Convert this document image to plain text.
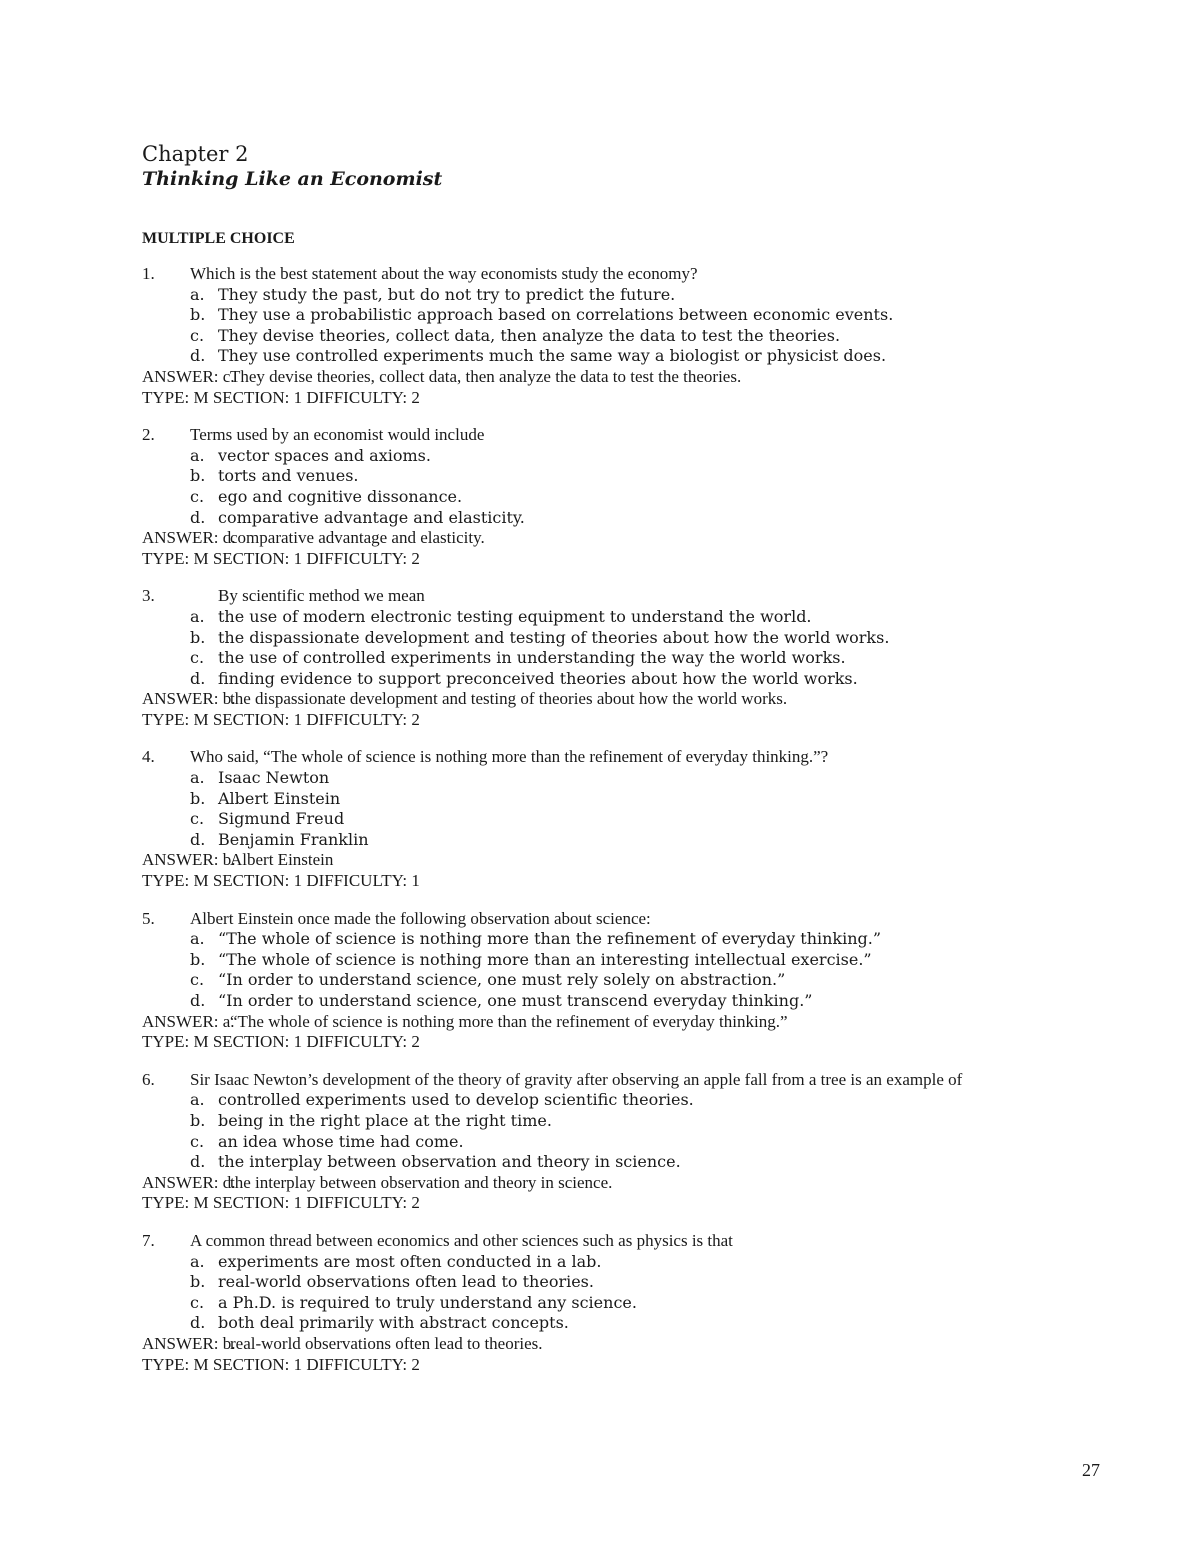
Chapter 2
Thinking Like an Economist
MULTIPLE CHOICE
1.	Which is the best statement about the way economists study the economy?
a. They study the past, but do not try to predict the future.
b. They use a probabilistic approach based on correlations between economic events.
c. They devise theories, collect data, then analyze the data to test the theories.
d. They use controlled experiments much the same way a biologist or physicist does.
ANSWER: c.
They devise theories, collect data, then analyze the data to test the theories.
TYPE: M SECTION: 1 DIFFICULTY: 2
2.	Terms used by an economist would include
a. vector spaces and axioms.
b. torts and venues.
c. ego and cognitive dissonance.
d. comparative advantage and elasticity.
ANSWER: d.
comparative advantage and elasticity.
TYPE: M SECTION: 1 DIFFICULTY: 2
3.	By scientific method we mean
a. the use of modern electronic testing equipment to understand the world.
b. the dispassionate development and testing of theories about how the world works.
c. the use of controlled experiments in understanding the way the world works.
d. finding evidence to support preconceived theories about how the world works.
ANSWER: b.
the dispassionate development and testing of theories about how the world works.
TYPE: M SECTION: 1 DIFFICULTY: 2
4.	Who said, “The whole of science is nothing more than the refinement of everyday thinking.”?
a. Isaac Newton
b. Albert Einstein
c. Sigmund Freud
d. Benjamin Franklin
ANSWER: b.
Albert Einstein
TYPE: M SECTION: 1 DIFFICULTY: 1
5.	Albert Einstein once made the following observation about science:
a. “The whole of science is nothing more than the refinement of everyday thinking.”
b. “The whole of science is nothing more than an interesting intellectual exercise.”
c. “In order to understand science, one must rely solely on abstraction.”
d. “In order to understand science, one must transcend everyday thinking.”
ANSWER: a.
“The whole of science is nothing more than the refinement of everyday thinking.”
TYPE: M SECTION: 1 DIFFICULTY: 2
6.	Sir Isaac Newton’s development of the theory of gravity after observing an apple fall from a tree is an example of
a. controlled experiments used to develop scientific theories.
b. being in the right place at the right time.
c. an idea whose time had come.
d. the interplay between observation and theory in science.
ANSWER: d.
the interplay between observation and theory in science.
TYPE: M SECTION: 1 DIFFICULTY: 2
7.	A common thread between economics and other sciences such as physics is that
a. experiments are most often conducted in a lab.
b. real-world observations often lead to theories.
c. a Ph.D. is required to truly understand any science.
d. both deal primarily with abstract concepts.
ANSWER: b.
real-world observations often lead to theories.
TYPE: M SECTION: 1 DIFFICULTY: 2
27
